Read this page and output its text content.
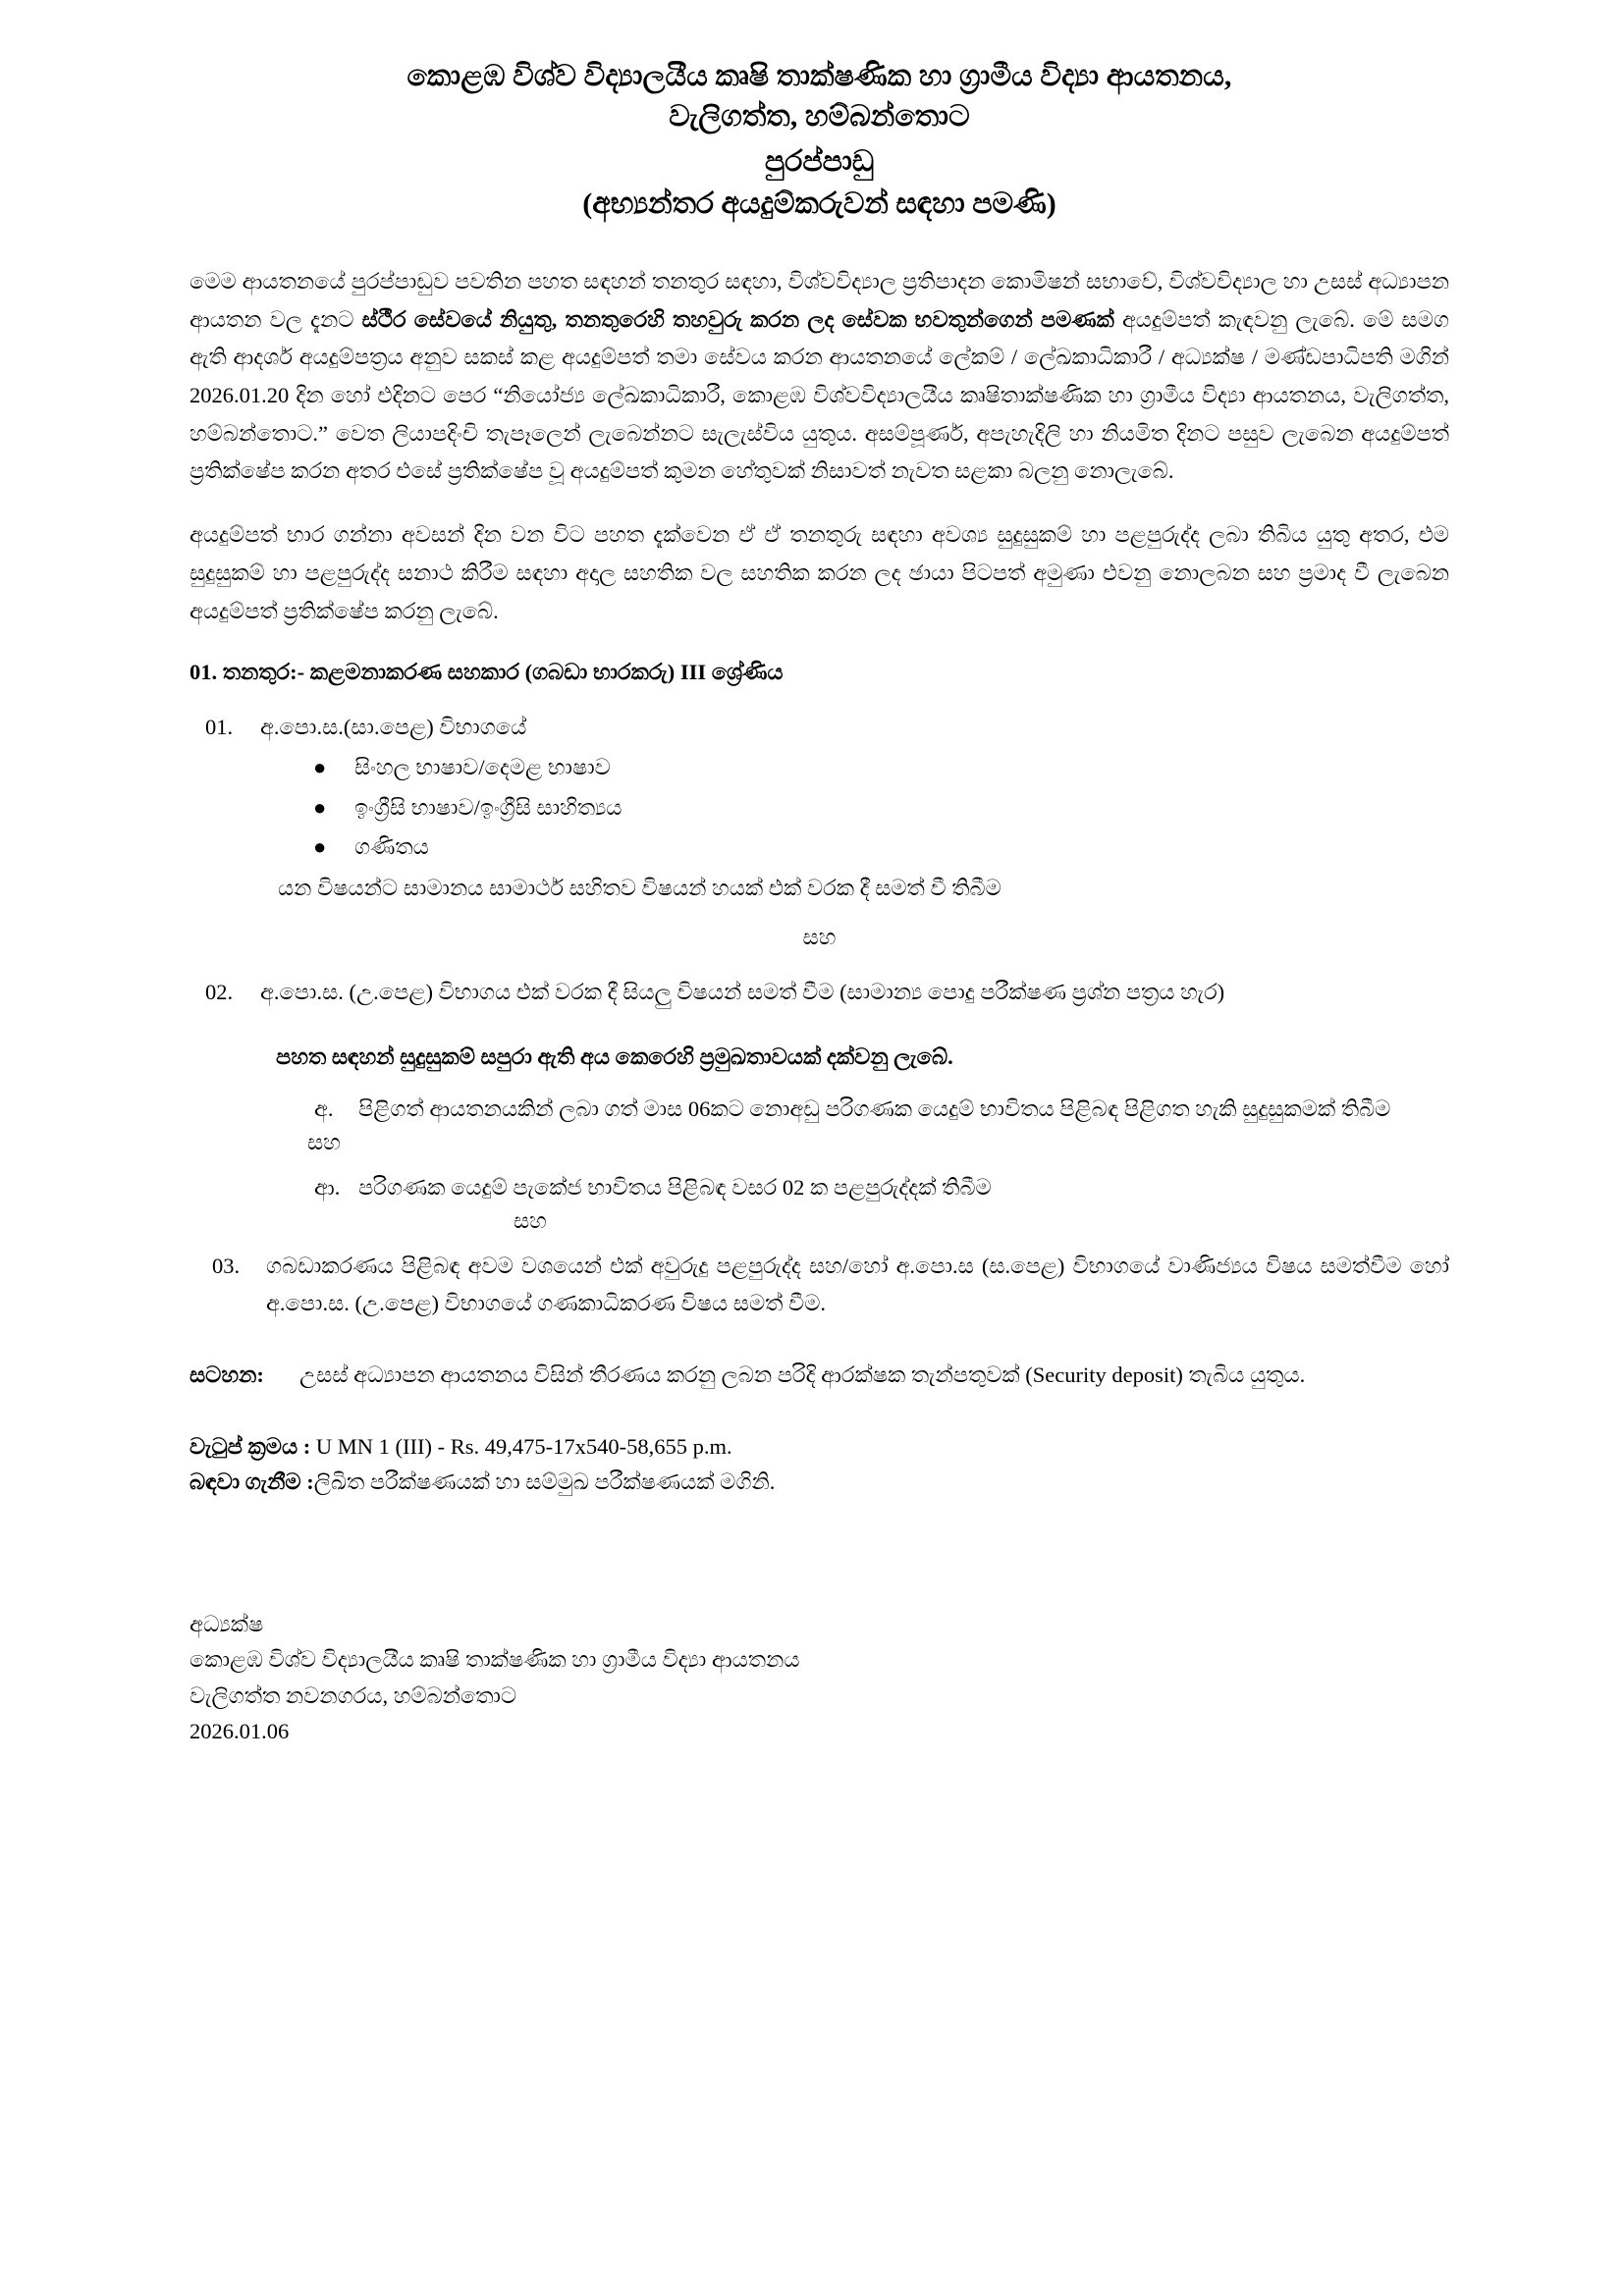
කොළඹ විශ්ව විද්‍යාලයීය කෘෂි තාක්ෂණික හා ග්‍රාමීය විද්‍යා ආයතනය,
වැලිගත්ත, හම්බන්තොට
පුරප්පාඩු
(අභ්‍යන්තර අයදුම්කරුවන් සඳහා පමණි)

මෙම ආයතනයේ පුරප්පාඩුව පවතින පහත සඳහන් තනතුර සඳහා, විශ්වවිද්‍යාල ප්‍රතිපාදන කොමිෂන් සභාවේ, විශ්වවිද්‍යාල හා උසස් අධ්‍යාපන ආයතන වල දැනට ස්ථීර සේවයේ නියුතු, තනතුරෙහි තහවුරු කරන ලද සේවක භවතුන්ගෙන් පමණක් අයදුම්පත් කැඳවනු ලැබේ. මේ සමග ඇති ආදර්ශ අයදුම්පත්‍රය අනුව සකස් කළ අයදුම්පත් තමා සේවය කරන ආයතනයේ ලේකම් / ලේඛකාධිකාරී / අධ්‍යක්ෂ / මණ්ඩපාධිපති මගින් 2026.01.20 දින හෝ එදිනට පෙර “නියෝජ්‍ය ලේඛකාධිකාරී, කොළඹ විශ්වවිද්‍යාලයීය කෘෂිතාක්ෂණික හා ග්‍රාමීය විද්‍යා ආයතනය, වැලිගත්ත, හම්බන්තොට.” වෙත ලියාපදිංචි තැපෑලෙන් ලැබෙන්නට සැලැස්විය යුතුය. අසම්පූර්ණ, අපැහැදිලි හා නියමිත දිනට පසුව ලැබෙන අයදුම්පත් ප්‍රතික්ෂේප කරන අතර එසේ ප්‍රතික්ෂේප වූ අයදුම්පත් කුමන හේතුවක් නිසාවත් නැවත සළකා බලනු නොලැබේ.

අයදුම්පත් භාර ගන්නා අවසන් දින වන විට පහත දැක්වෙන ඒ ඒ තනතුරු සඳහා අවශ්‍ය සුදුසුකම් හා පළපුරුද්ද ලබා තිබිය යුතු අතර, එම සුදුසුකම් හා පළපුරුද්ද සනාථ කිරීම සඳහා අදාල සහතික වල සහතික කරන ලද ඡායා පිටපත් අමුණා එවනු නොලබන සහ ප්‍රමාද වී ලැබෙන අයදුම්පත් ප්‍රතික්ෂේප කරනු ලැබේ.

01. තනතුර:- කළමනාකරණ සහකාර (ගබඩා භාරකරු) III ශ්‍රේණිය
01.	අ.පො.ස.(සා.පෙළ) විභාගයේ
● සිංහල භාෂාව/දෙමළ භාෂාව
● ඉංග්‍රීසි භාෂාව/ඉංග්‍රීසි සාහිත්‍යය
● ගණිතය
යන විෂයන්ට සාමාන‍ය සාමාර්ථ සහිතව විෂයන් හයක් එක් වරක දී සමත් වී තිබීම
සහ
02.	අ.පො.ස. (උ.පෙළ) විභාගය එක් වරක දී සියලු විෂයන් සමත් වීම (සාමාන්‍ය පොදු පරීක්ෂණ ප්‍රශ්න පත්‍රය හැර)
පහත සඳහන් සුදුසුකම් සපුරා ඇති අය කෙරෙහි ප්‍රමුඛතාවයක් දක්වනු ලැබේ.
අ. පිළිගත් ආයතනයකින් ලබා ගත් මාස 06කට නොඅඩු පරිගණක යෙදුම් භාවිතය පිළිබඳ පිළිගත හැකි සුදුසුකමක් තිබීම
සහ
ආ. පරිගණක යෙදුම් පැකේජ භාවිතය පිළිබඳ වසර 02 ක පළපුරුද්දක් තිබීම
සහ
03. ගබඩාකරණය පිළිබඳ අවම වශයෙන් එක් අවුරුදු පළපුරුද්ද සහ/හෝ අ.පො.ස (ස.පෙළ) විභාගයේ වාණිජ්‍යය විෂය සමත්වීම හෝ අ.පො.ස. (උ.පෙළ) විභාගයේ ගණකාධිකරණ විෂය සමත් වීම.
සටහන: උසස් අධ්‍යාපන ආයතනය විසින් තීරණය කරනු ලබන පරිදි ආරක්ෂක තැන්පතුවක් (Security deposit) තැබිය යුතුය.
වැටුප් ක්‍රමය : U MN 1 (III) - Rs. 49,475-17x540-58,655 p.m.
බඳවා ගැනීම :ලිඛිත පරීක්ෂණයක් හා සම්මුඛ පරීක්ෂණයක් මගිනි.
අධ්‍යක්ෂ
කොළඹ විශ්ව විද්‍යාලයීය කෘෂි තාක්ෂණික හා ග්‍රාමීය විද්‍යා ආයතනය
වැලිගත්ත නවනගරය, හම්බන්තොට
2026.01.06
